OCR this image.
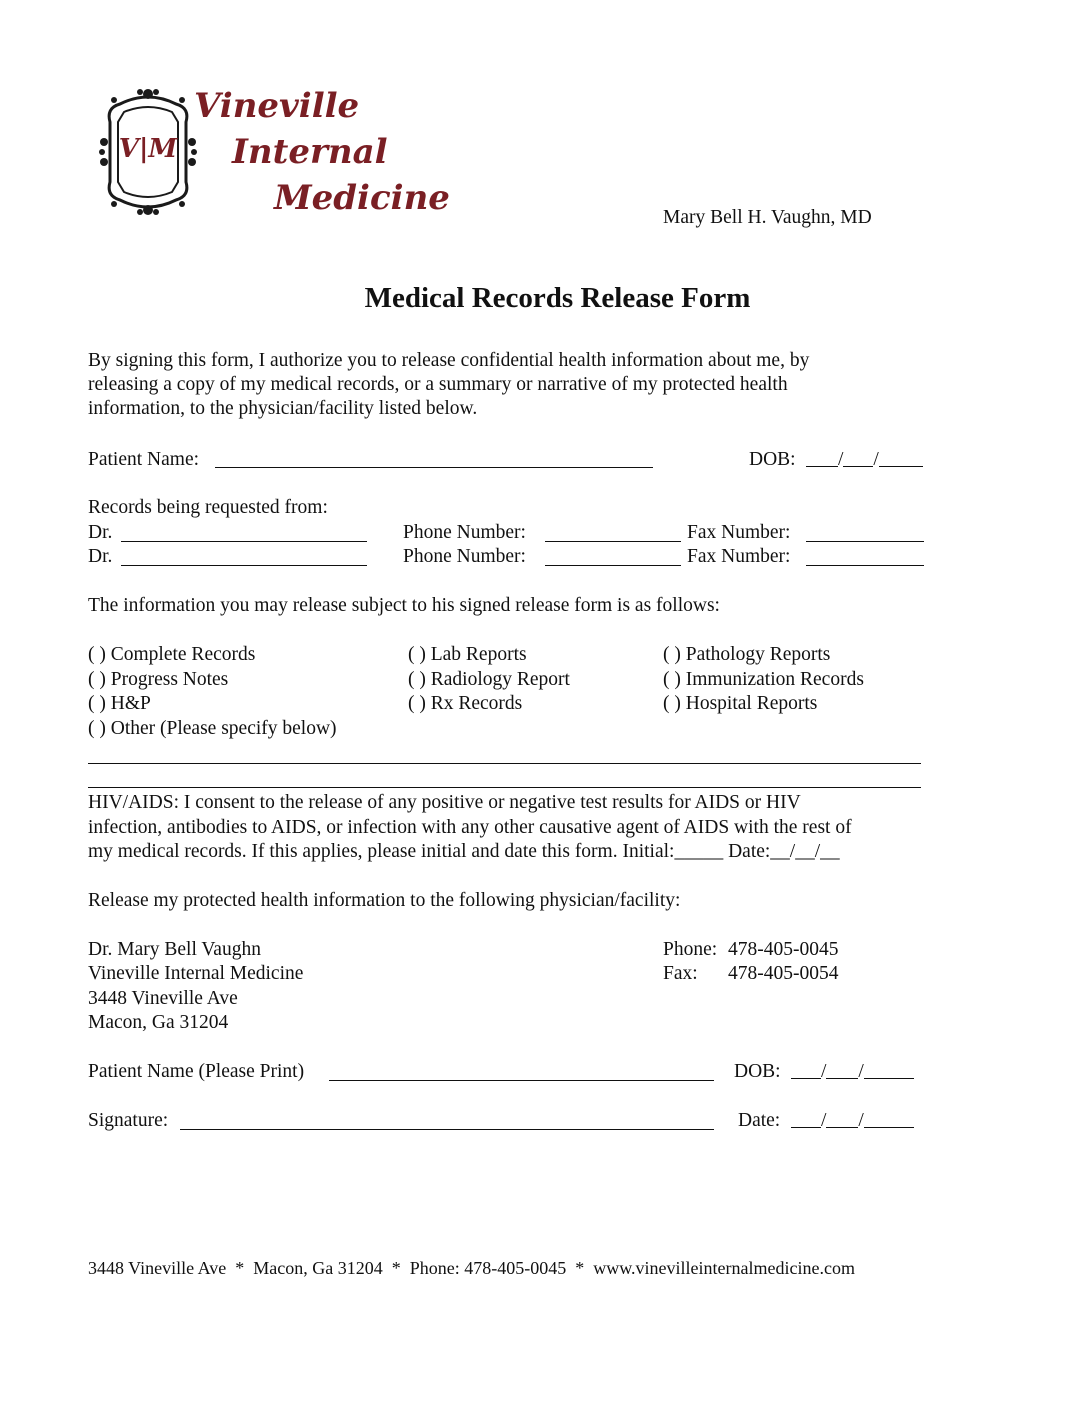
V|M
Vineville
Internal
Medicine	Mary Bell H. Vaughn, MD
Medical Records Release Form
By signing this form, I authorize you to release confidential health information about me, by releasing a copy of my medical records, or a summary or narrative of my protected health information, to the physician/facility listed below.
Patient Name:	DOB:	/ /
Records being requested from:
Dr.	Phone Number:	Fax Number:
Dr.	Phone Number:	Fax Number:
The information you may release subject to his signed release form is as follows:
( ) Complete Records
( ) Progress Notes
( ) H&P
( ) Other (Please specify below)
( ) Lab Reports
( ) Radiology Report
( ) Rx Records
( ) Pathology Reports
( ) Immunization Records
( ) Hospital Reports
HIV/AIDS: I consent to the release of any positive or negative test results for AIDS or HIV
infection, antibodies to AIDS, or infection with any other causative agent of AIDS with the rest of
my medical records. If this applies, please initial and date this form. Initial:_____ Date:__/__/__
Release my protected health information to the following physician/facility:
Dr. Mary Bell Vaughn
Vineville Internal Medicine
3448 Vineville Ave
Macon, Ga 31204
Phone: 478-405-0045
Fax: 478-405-0054
Patient Name (Please Print)	DOB:	/ /
Signature:	Date:	/ /
3448 Vineville Ave  *  Macon, Ga 31204  *  Phone: 478-405-0045  *  www.vinevilleinternalmedicine.com
